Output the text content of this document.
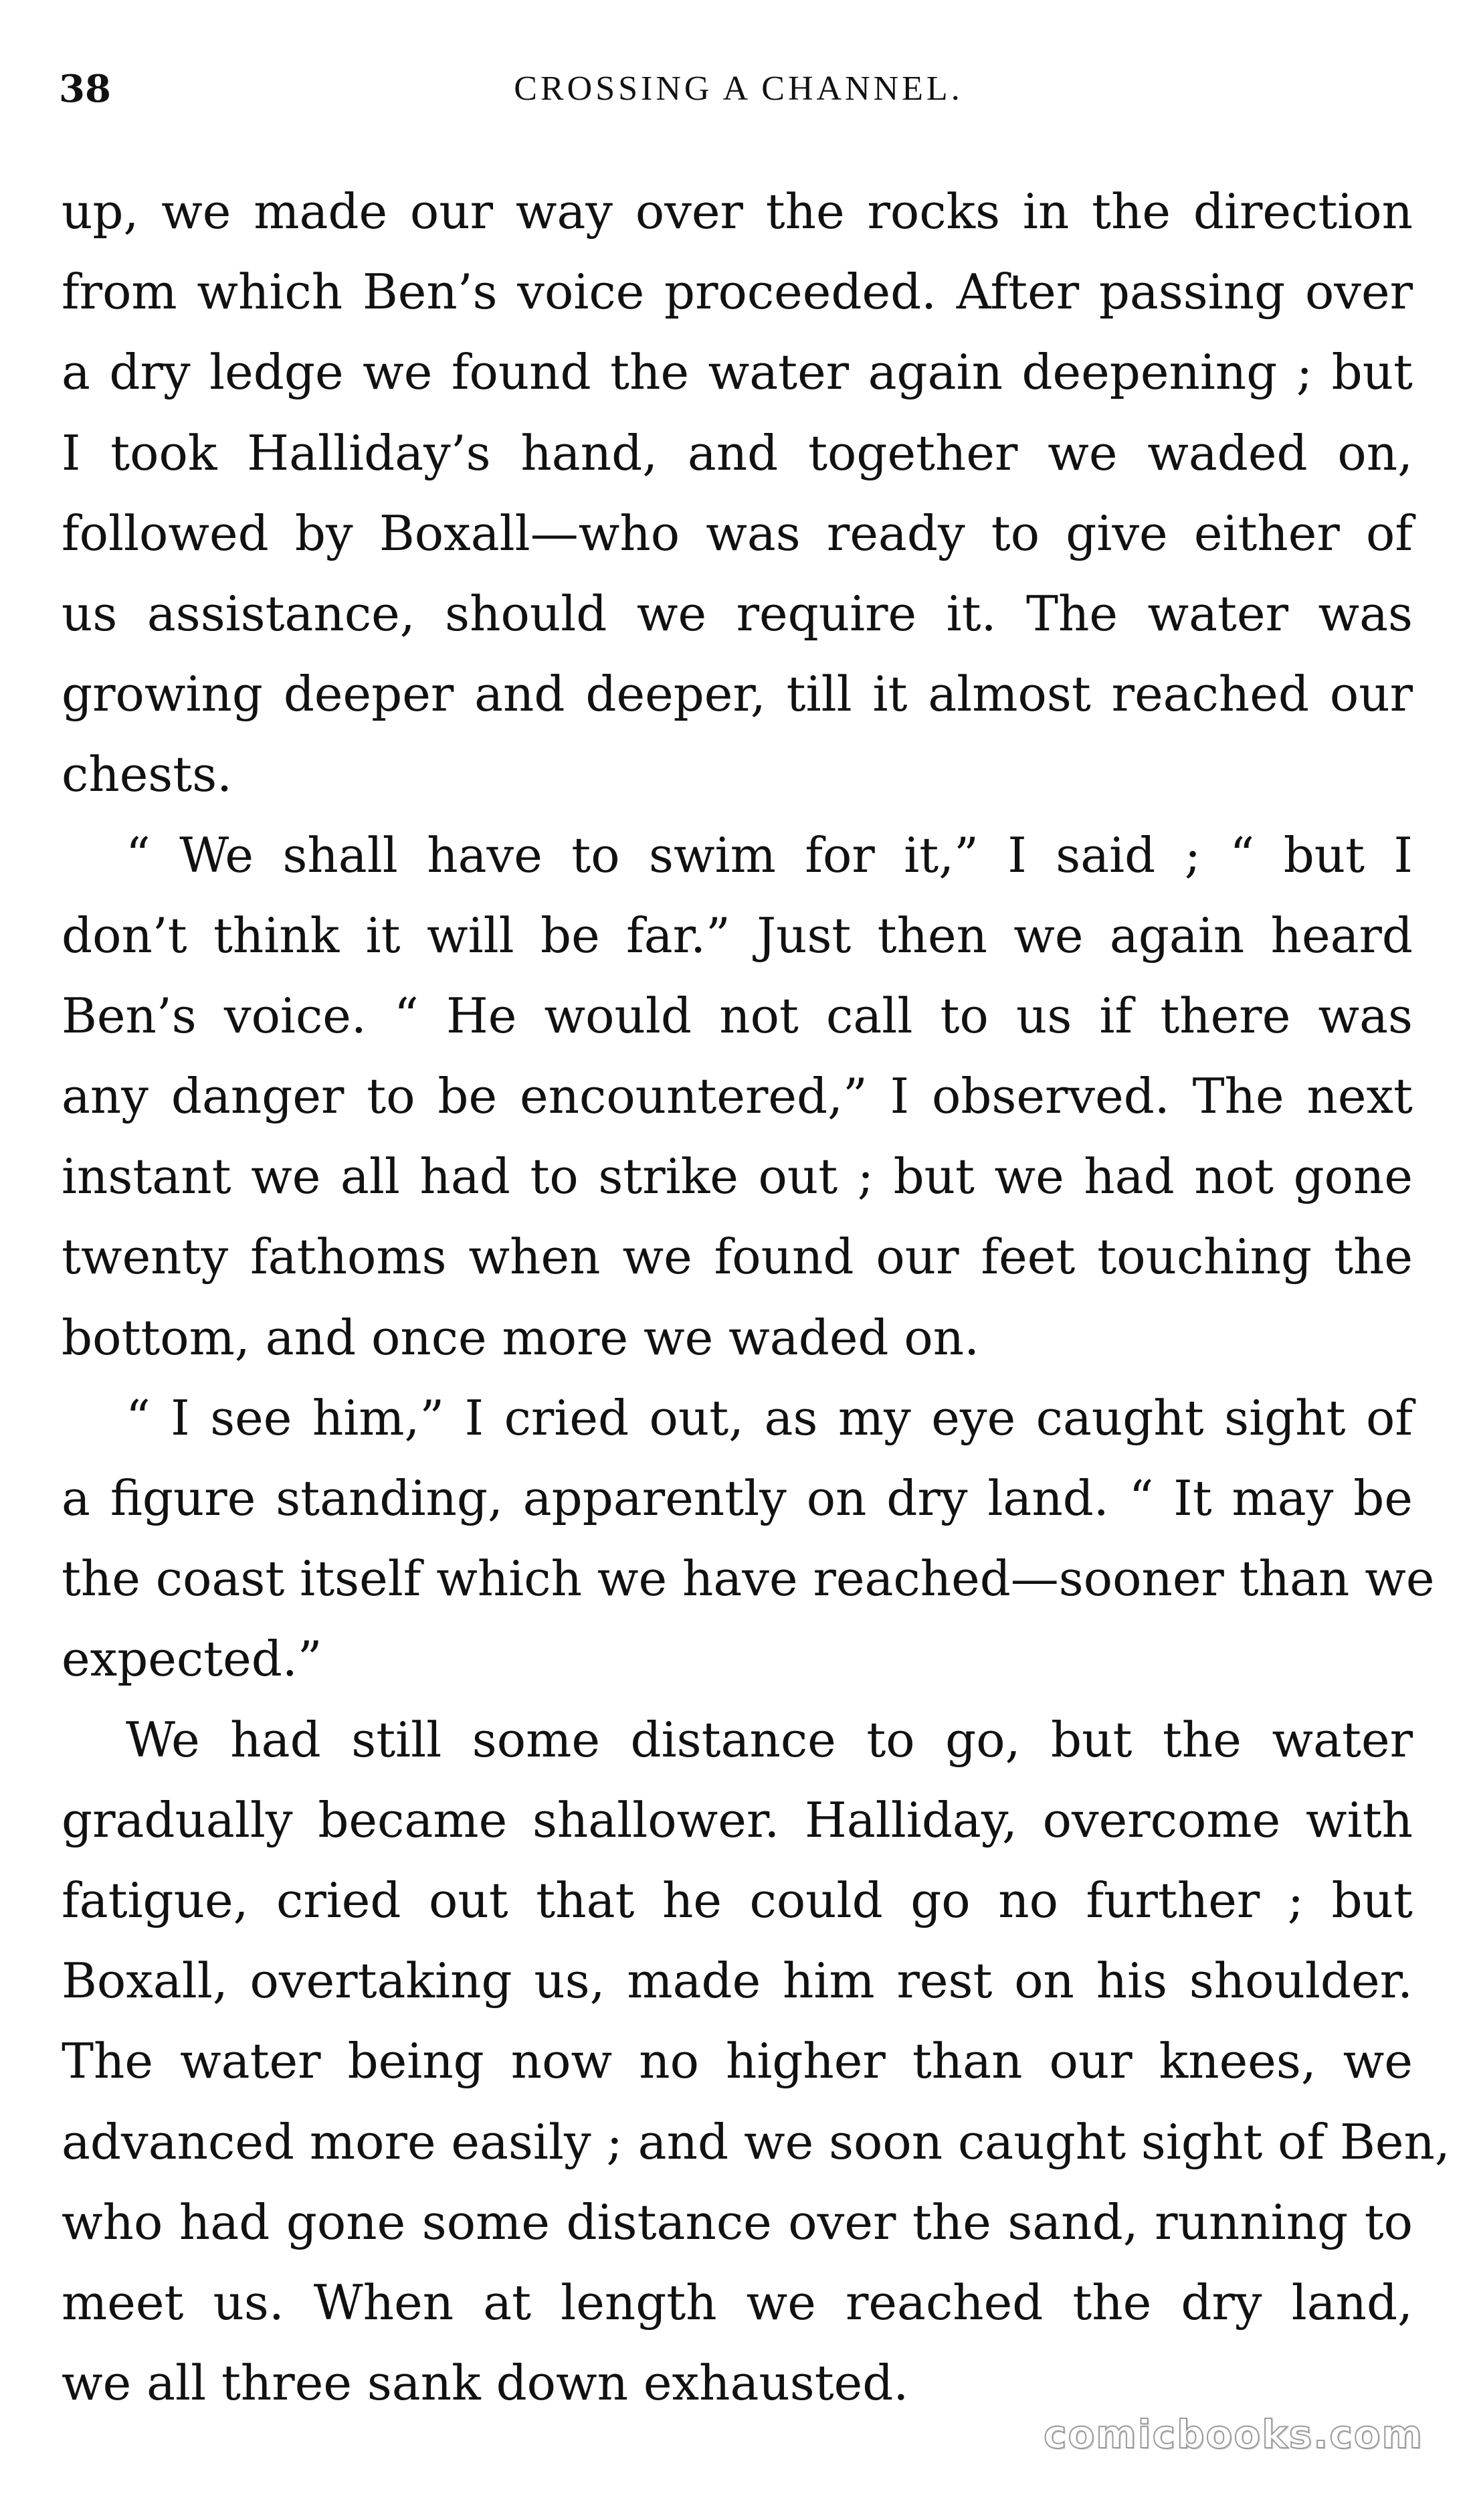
38	CROSSING A CHANNEL.
up, we made our way over the rocks in the direction
from which Ben’s voice proceeded. After passing over
a dry ledge we found the water again deepening ; but
I took Halliday’s hand, and together we waded on,
followed by Boxall—who was ready to give either of
us assistance, should we require it. The water was
growing deeper and deeper, till it almost reached our
chests.
“ We shall have to swim for it,” I said ; “ but I
don’t think it will be far.” Just then we again heard
Ben’s voice. “ He would not call to us if there was
any danger to be encountered,” I observed. The next
instant we all had to strike out ; but we had not gone
twenty fathoms when we found our feet touching the
bottom, and once more we waded on.
“ I see him,” I cried out, as my eye caught sight of
a figure standing, apparently on dry land. “ It may be
the coast itself which we have reached—sooner than we
expected.”
We had still some distance to go, but the water
gradually became shallower. Halliday, overcome with
fatigue, cried out that he could go no further ; but
Boxall, overtaking us, made him rest on his shoulder.
The water being now no higher than our knees, we
advanced more easily ; and we soon caught sight of Ben,
who had gone some distance over the sand, running to
meet us. When at length we reached the dry land,
we all three sank down exhausted.
comicbooks.com
